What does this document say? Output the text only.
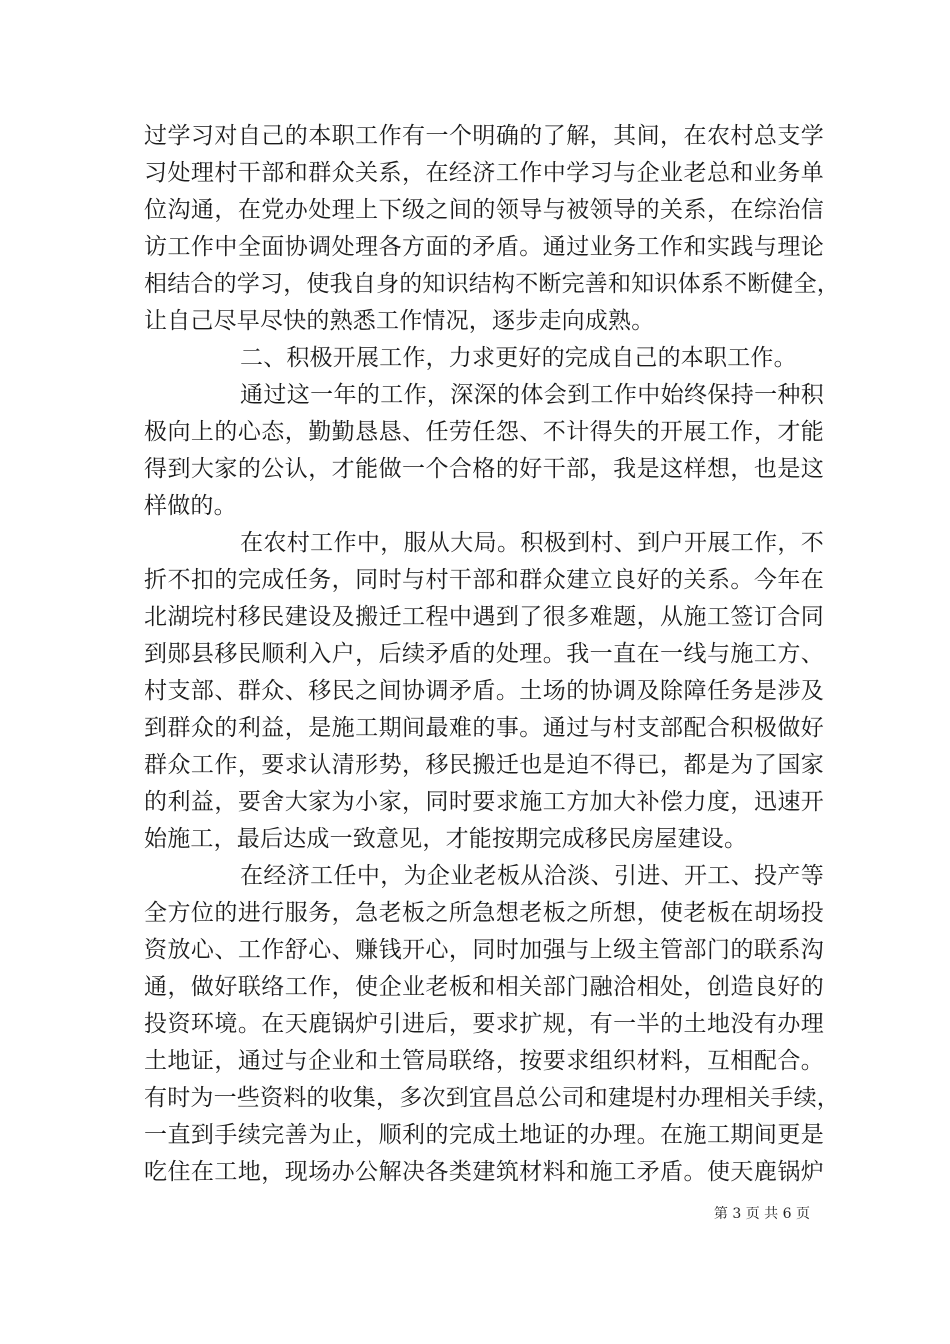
过学习对自己的本职工作有一个明确的了解，其间，在农村总支学
习处理村干部和群众关系，在经济工作中学习与企业老总和业务单
位沟通，在党办处理上下级之间的领导与被领导的关系，在综治信
访工作中全面协调处理各方面的矛盾。通过业务工作和实践与理论
相结合的学习，使我自身的知识结构不断完善和知识体系不断健全，
让自己尽早尽快的熟悉工作情况，逐步走向成熟。
二、积极开展工作，力求更好的完成自己的本职工作。
通过这一年的工作，深深的体会到工作中始终保持一种积
极向上的心态，勤勤恳恳、任劳任怨、不计得失的开展工作，才能
得到大家的公认，才能做一个合格的好干部，我是这样想，也是这
样做的。
在农村工作中，服从大局。积极到村、到户开展工作，不
折不扣的完成任务，同时与村干部和群众建立良好的关系。今年在
北湖垸村移民建设及搬迁工程中遇到了很多难题，从施工签订合同
到郧县移民顺利入户，后续矛盾的处理。我一直在一线与施工方、
村支部、群众、移民之间协调矛盾。土场的协调及除障任务是涉及
到群众的利益，是施工期间最难的事。通过与村支部配合积极做好
群众工作，要求认清形势，移民搬迁也是迫不得已，都是为了国家
的利益，要舍大家为小家，同时要求施工方加大补偿力度，迅速开
始施工，最后达成一致意见，才能按期完成移民房屋建设。
在经济工任中，为企业老板从洽淡、引进、开工、投产等
全方位的进行服务，急老板之所急想老板之所想，使老板在胡场投
资放心、工作舒心、赚钱开心，同时加强与上级主管部门的联系沟
通，做好联络工作，使企业老板和相关部门融洽相处，创造良好的
投资环境。在天鹿锅炉引进后，要求扩规，有一半的土地没有办理
土地证，通过与企业和土管局联络，按要求组织材料，互相配合。
有时为一些资料的收集，多次到宜昌总公司和建堤村办理相关手续，
一直到手续完善为止，顺利的完成土地证的办理。在施工期间更是
吃住在工地，现场办公解决各类建筑材料和施工矛盾。使天鹿锅炉
第 3 页 共 6 页
